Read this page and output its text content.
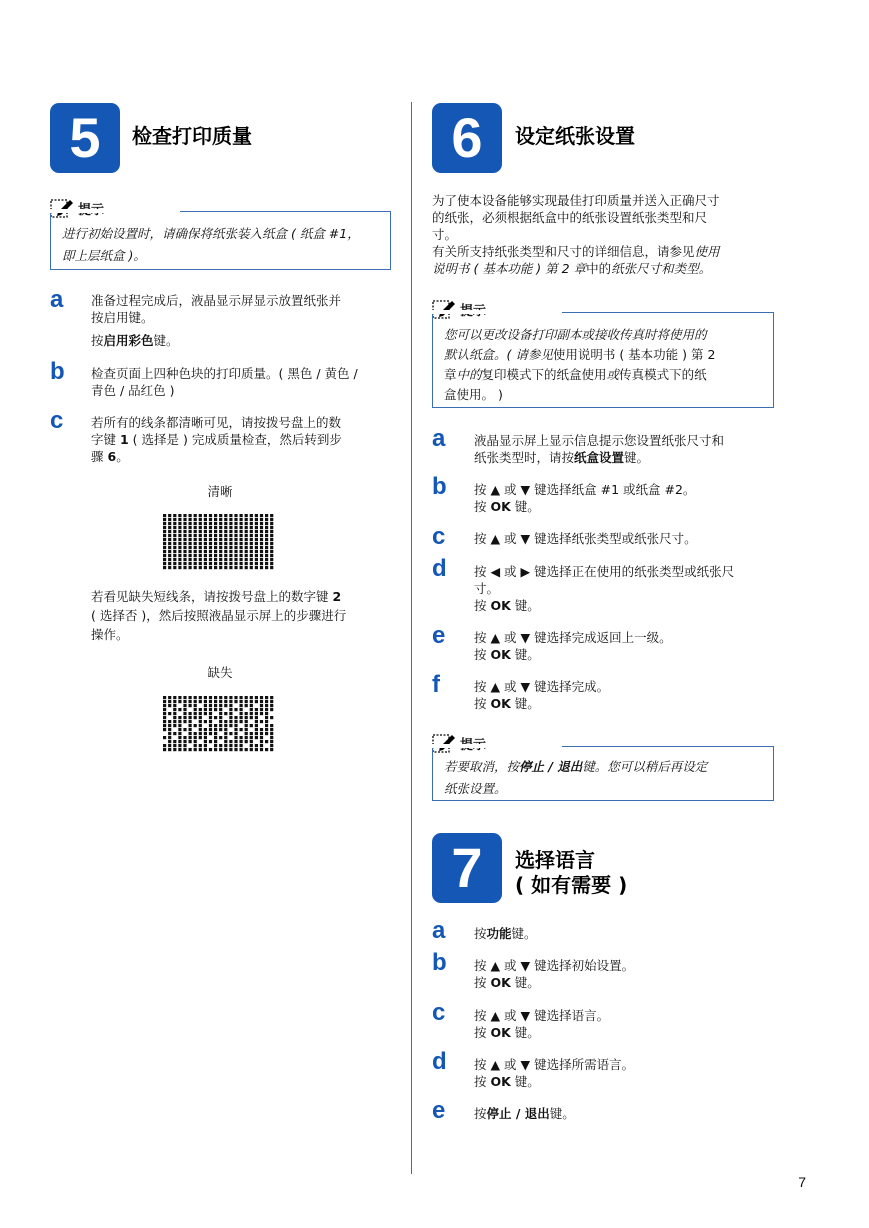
5	检查打印质量
进行初始设置时，请确保将纸张装入纸盒 ( 纸盒 #1，
即上层纸盒 )。
a 准备过程完成后，液晶显示屏显示放置纸张并
按启用键。
按启用彩色键。
b 检查页面上四种色块的打印质量。( 黑色 / 黄色 /
青色 / 品红色 )
c 若所有的线条都清晰可见，请按拨号盘上的数
字键 1 ( 选择是 ) 完成质量检查，然后转到步
骤 6。
清晰
若看见缺失短线条，请按拨号盘上的数字键 2
( 选择否 )，然后按照液晶显示屏上的步骤进行
操作。
缺失
6	设定纸张设置
为了使本设备能够实现最佳打印质量并送入正确尺寸
的纸张，必须根据纸盒中的纸张设置纸张类型和尺
寸。
有关所支持纸张类型和尺寸的详细信息，请参见使用
说明书 ( 基本功能 ) 第 2 章中的纸张尺寸和类型。
您可以更改设备打印副本或接收传真时将使用的
默认纸盒。( 请参见使用说明书 ( 基本功能 ) 第 2
章中的复印模式下的纸盒使用或传真模式下的纸
盒使用。 )
a 液晶显示屏上显示信息提示您设置纸张尺寸和
纸张类型时，请按纸盒设置键。
b 按 ▲ 或 ▼ 键选择纸盒 #1 或纸盒 #2。
按 OK 键。
c 按 ▲ 或 ▼ 键选择纸张类型或纸张尺寸。
d 按 ◀ 或 ▶ 键选择正在使用的纸张类型或纸张尺
寸。
按 OK 键。
e 按 ▲ 或 ▼ 键选择完成返回上一级。
按 OK 键。
f	按 ▲ 或 ▼ 键选择完成。
按 OK 键。
若要取消，按停止 / 退出键。您可以稍后再设定
纸张设置。
7	选择语言
( 如有需要 )
a 按功能键。
b 按 ▲ 或 ▼ 键选择初始设置。
按 OK 键。
c 按 ▲ 或 ▼ 键选择语言。
按 OK 键。
d 按 ▲ 或 ▼ 键选择所需语言。
按 OK 键。
e 按停止 / 退出键。
7
